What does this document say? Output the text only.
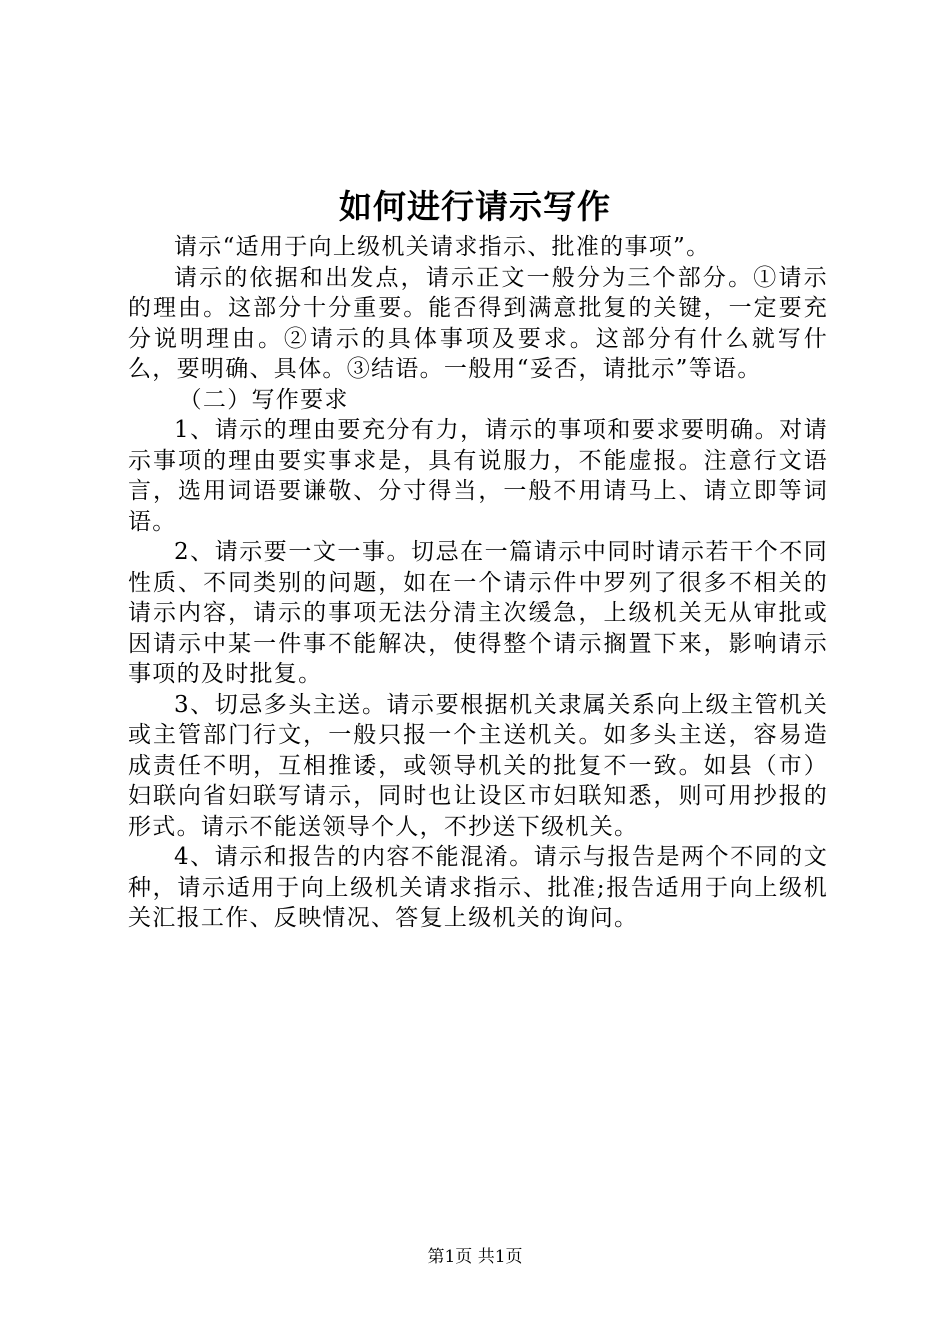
如何进行请示写作

请示“适用于向上级机关请求指示、批准的事项”。

请示的依据和出发点，请示正文一般分为三个部分。①请示的理由。这部分十分重要。能否得到满意批复的关键，一定要充分说明理由。②请示的具体事项及要求。这部分有什么就写什么，要明确、具体。③结语。一般用“妥否，请批示”等语。

（二）写作要求

1、请示的理由要充分有力，请示的事项和要求要明确。对请示事项的理由要实事求是，具有说服力，不能虚报。注意行文语言，选用词语要谦敬、分寸得当，一般不用请马上、请立即等词语。

2、请示要一文一事。切忌在一篇请示中同时请示若干个不同性质、不同类别的问题，如在一个请示件中罗列了很多不相关的请示内容，请示的事项无法分清主次缓急，上级机关无从审批或因请示中某一件事不能解决，使得整个请示搁置下来，影响请示事项的及时批复。

3、切忌多头主送。请示要根据机关隶属关系向上级主管机关或主管部门行文，一般只报一个主送机关。如多头主送，容易造成责任不明，互相推诿，或领导机关的批复不一致。如县（市）妇联向省妇联写请示，同时也让设区市妇联知悉，则可用抄报的形式。请示不能送领导个人，不抄送下级机关。

4、请示和报告的内容不能混淆。请示与报告是两个不同的文种，请示适用于向上级机关请求指示、批准;报告适用于向上级机关汇报工作、反映情况、答复上级机关的询问。

第1页 共1页
